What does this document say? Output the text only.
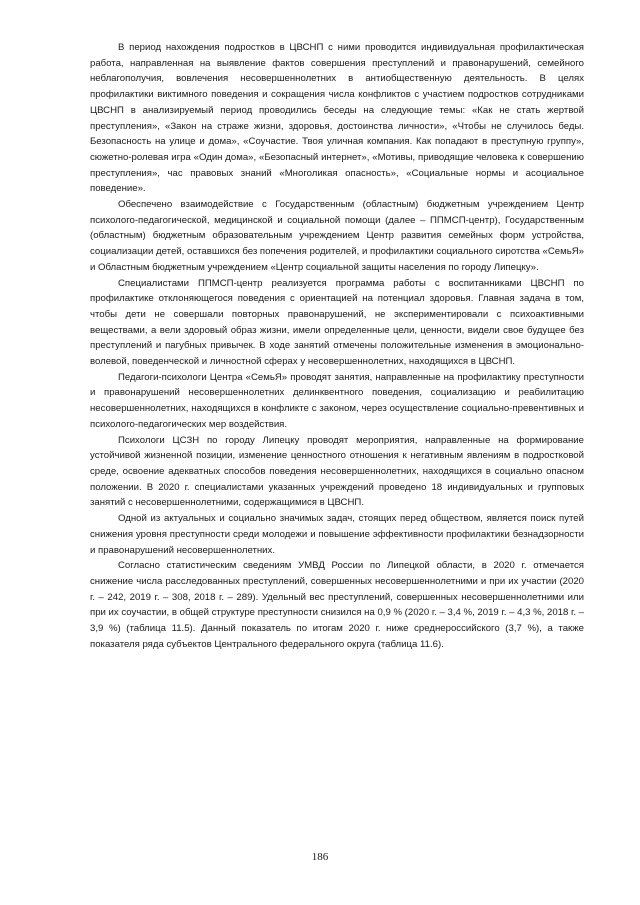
В период нахождения подростков в ЦВСНП с ними проводится индивидуальная профилактическая работа, направленная на выявление фактов совершения преступлений и правонарушений, семейного неблагополучия, вовлечения несовершеннолетних в антиобщественную деятельность. В целях профилактики виктимного поведения и сокращения числа конфликтов с участием подростков сотрудниками ЦВСНП в анализируемый период проводились беседы на следующие темы: «Как не стать жертвой преступления», «Закон на страже жизни, здоровья, достоинства личности», «Чтобы не случилось беды. Безопасность на улице и дома», «Соучастие. Твоя уличная компания. Как попадают в преступную группу», сюжетно-ролевая игра «Один дома», «Безопасный интернет», «Мотивы, приводящие человека к совершению преступления», час правовых знаний «Многоликая опасность», «Социальные нормы и асоциальное поведение».

Обеспечено взаимодействие с Государственным (областным) бюджетным учреждением Центр психолого-педагогической, медицинской и социальной помощи (далее – ППМСП-центр), Государственным (областным) бюджетным образовательным учреждением Центр развития семейных форм устройства, социализации детей, оставшихся без попечения родителей, и профилактики социального сиротства «СемьЯ» и Областным бюджетным учреждением «Центр социальной защиты населения по городу Липецку».

Специалистами ППМСП-центр реализуется программа работы с воспитанниками ЦВСНП по профилактике отклоняющегося поведения с ориентацией на потенциал здоровья. Главная задача в том, чтобы дети не совершали повторных правонарушений, не экспериментировали с психоактивными веществами, а вели здоровый образ жизни, имели определенные цели, ценности, видели свое будущее без преступлений и пагубных привычек. В ходе занятий отмечены положительные изменения в эмоционально-волевой, поведенческой и личностной сферах у несовершеннолетних, находящихся в ЦВСНП.

Педагоги-психологи Центра «СемьЯ» проводят занятия, направленные на профилактику преступности и правонарушений несовершеннолетних делинквентного поведения, социализацию и реабилитацию несовершеннолетних, находящихся в конфликте с законом, через осуществление социально-превентивных и психолого-педагогических мер воздействия.

Психологи ЦСЗН по городу Липецку проводят мероприятия, направленные на формирование устойчивой жизненной позиции, изменение ценностного отношения к негативным явлениям в подростковой среде, освоение адекватных способов поведения несовершеннолетних, находящихся в социально опасном положении. В 2020 г. специалистами указанных учреждений проведено 18 индивидуальных и групповых занятий с несовершеннолетними, содержащимися в ЦВСНП.

Одной из актуальных и социально значимых задач, стоящих перед обществом, является поиск путей снижения уровня преступности среди молодежи и повышение эффективности профилактики безнадзорности и правонарушений несовершеннолетних.

Согласно статистическим сведениям УМВД России по Липецкой области, в 2020 г. отмечается снижение числа расследованных преступлений, совершенных несовершеннолетними и при их участии (2020 г. – 242, 2019 г. – 308, 2018 г. – 289). Удельный вес преступлений, совершенных несовершеннолетними или при их соучастии, в общей структуре преступности снизился на 0,9 % (2020 г. – 3,4 %, 2019 г. – 4,3 %, 2018 г. – 3,9 %) (таблица 11.5). Данный показатель по итогам 2020 г. ниже среднероссийского (3,7 %), а также показателя ряда субъектов Центрального федерального округа (таблица 11.6).

186
